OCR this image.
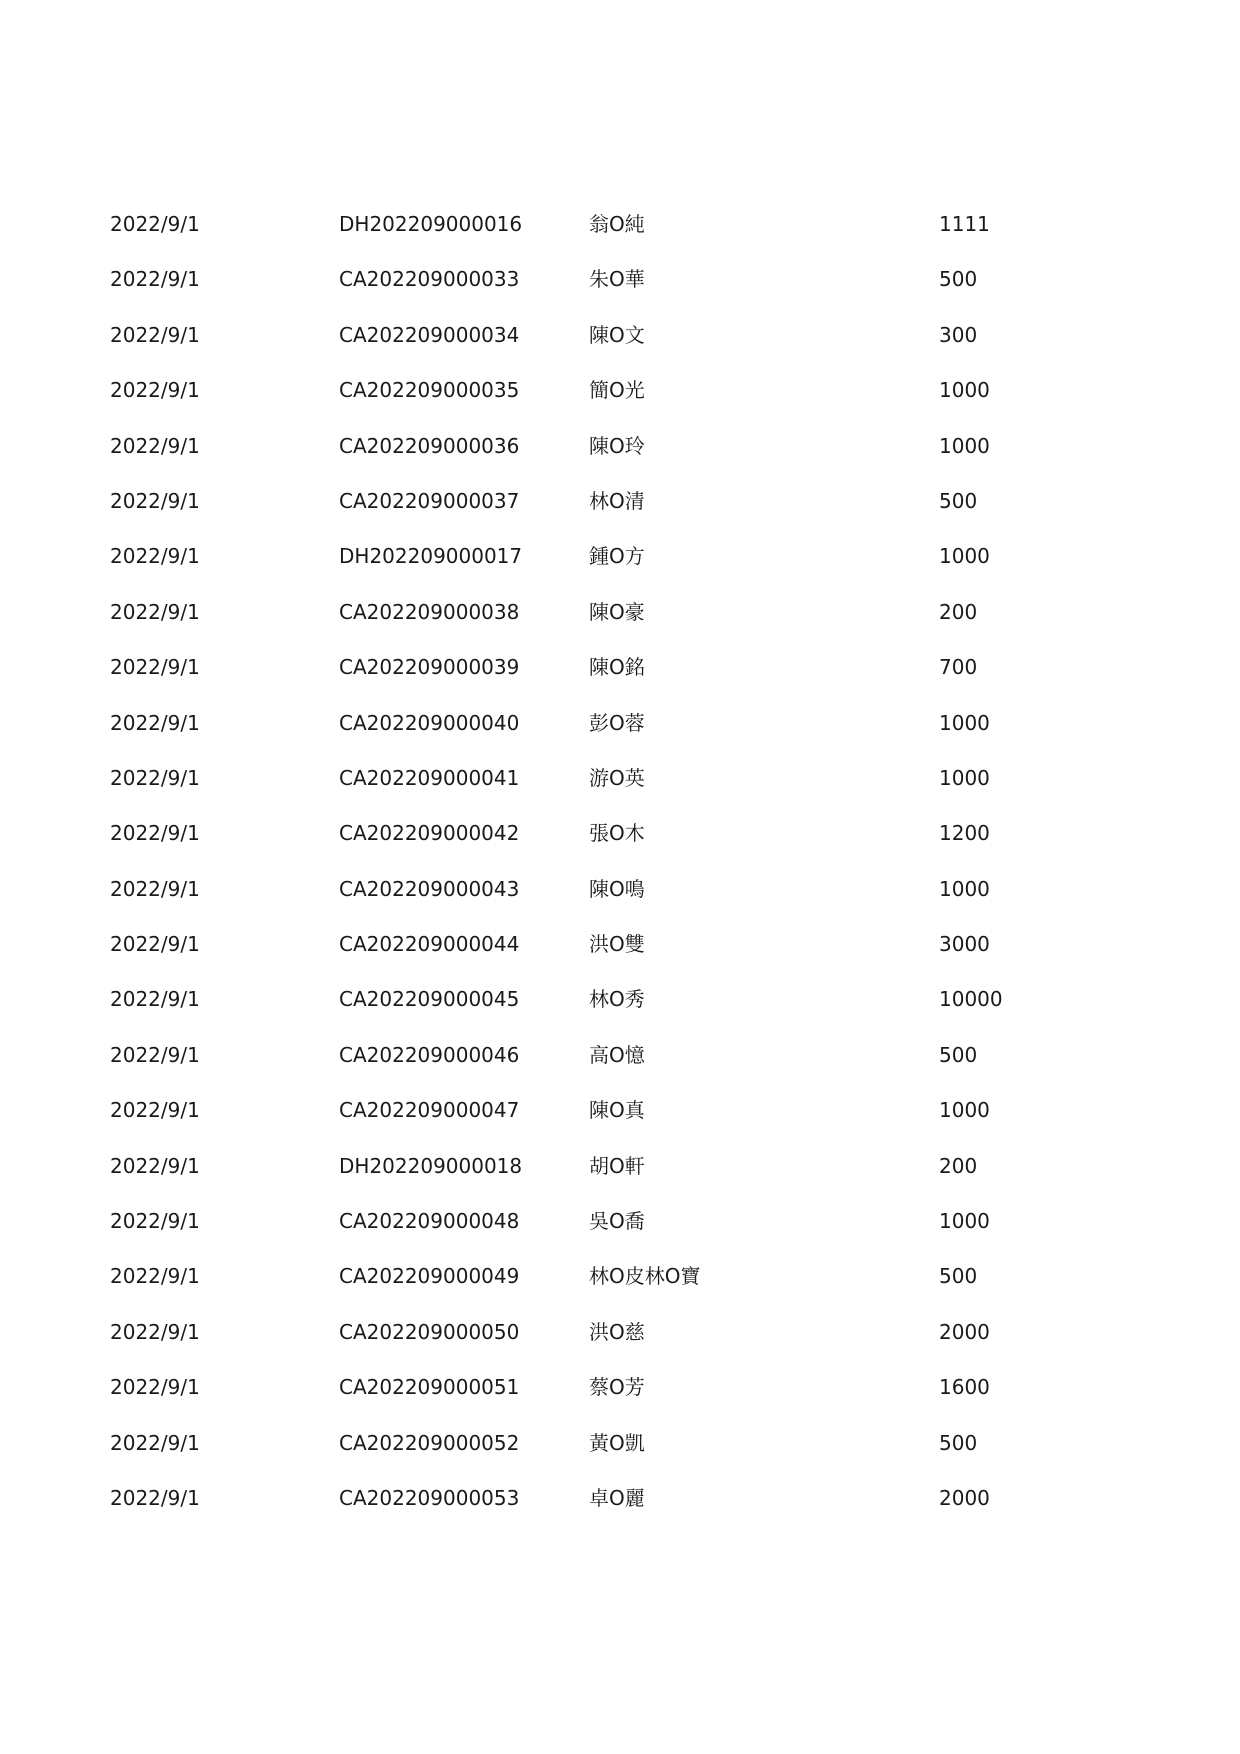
2022/9/1	DH202209000016	翁O純	1111
2022/9/1	CA202209000033	朱O華	500
2022/9/1	CA202209000034	陳O文	300
2022/9/1	CA202209000035	簡O光	1000
2022/9/1	CA202209000036	陳O玲	1000
2022/9/1	CA202209000037	林O清	500
2022/9/1	DH202209000017	鍾O方	1000
2022/9/1	CA202209000038	陳O豪	200
2022/9/1	CA202209000039	陳O銘	700
2022/9/1	CA202209000040	彭O蓉	1000
2022/9/1	CA202209000041	游O英	1000
2022/9/1	CA202209000042	張O木	1200
2022/9/1	CA202209000043	陳O鳴	1000
2022/9/1	CA202209000044	洪O雙	3000
2022/9/1	CA202209000045	林O秀	10000
2022/9/1	CA202209000046	高O憶	500
2022/9/1	CA202209000047	陳O真	1000
2022/9/1	DH202209000018	胡O軒	200
2022/9/1	CA202209000048	吳O喬	1000
2022/9/1	CA202209000049	林O皮林O寶	500
2022/9/1	CA202209000050	洪O慈	2000
2022/9/1	CA202209000051	蔡O芳	1600
2022/9/1	CA202209000052	黃O凱	500
2022/9/1	CA202209000053	卓O麗	2000
